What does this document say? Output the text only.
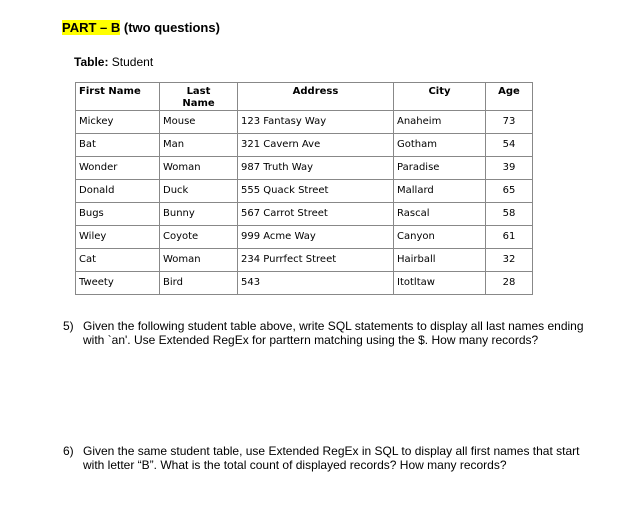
PART – B (two questions)
Table: Student
First Name	Last Name	Address	City	Age
Mickey	Mouse	123 Fantasy Way	Anaheim	73
Bat	Man	321 Cavern Ave	Gotham	54
Wonder	Woman	987 Truth Way	Paradise	39
Donald	Duck	555 Quack Street	Mallard	65
Bugs	Bunny	567 Carrot Street	Rascal	58
Wiley	Coyote	999 Acme Way	Canyon	61
Cat	Woman	234 Purrfect Street	Hairball	32
Tweety	Bird	543	Itotltaw	28
5) Given the following student table above, write SQL statements to display all last names ending with `an'. Use Extended RegEx for parttern matching using the $. How many records?
6) Given the same student table, use Extended RegEx in SQL to display all first names that start with letter “B”. What is the total count of displayed records? How many records?
